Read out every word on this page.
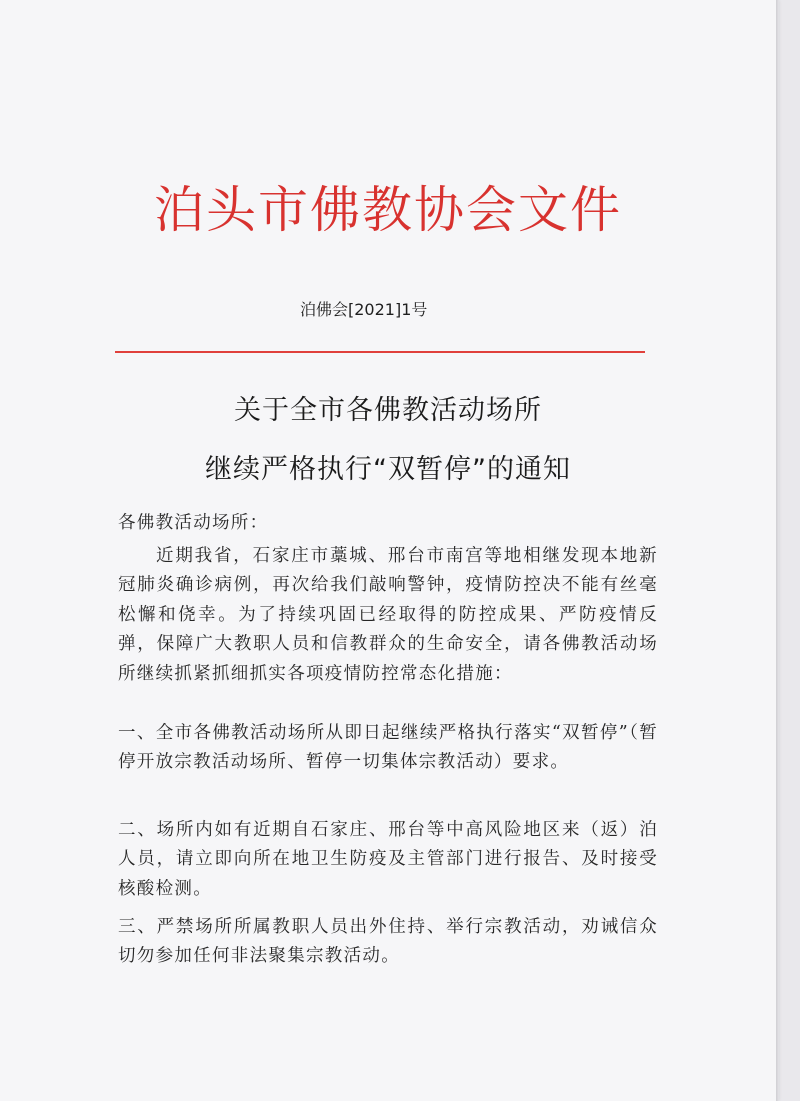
泊头市佛教协会文件
泊佛会[2021]1号
关于全市各佛教活动场所
继续严格执行“双暂停”的通知
各佛教活动场所：
近期我省，石家庄市藁城、邢台市南宫等地相继发现本地新冠肺炎确诊病例，再次给我们敲响警钟，疫情防控决不能有丝毫松懈和侥幸。为了持续巩固已经取得的防控成果、严防疫情反弹，保障广大教职人员和信教群众的生命安全，请各佛教活动场所继续抓紧抓细抓实各项疫情防控常态化措施：
一、全市各佛教活动场所从即日起继续严格执行落实“双暂停”（暂停开放宗教活动场所、暂停一切集体宗教活动）要求。
二、场所内如有近期自石家庄、邢台等中高风险地区来（返）泊人员，请立即向所在地卫生防疫及主管部门进行报告、及时接受核酸检测。
三、严禁场所所属教职人员出外住持、举行宗教活动，劝诫信众切勿参加任何非法聚集宗教活动。
